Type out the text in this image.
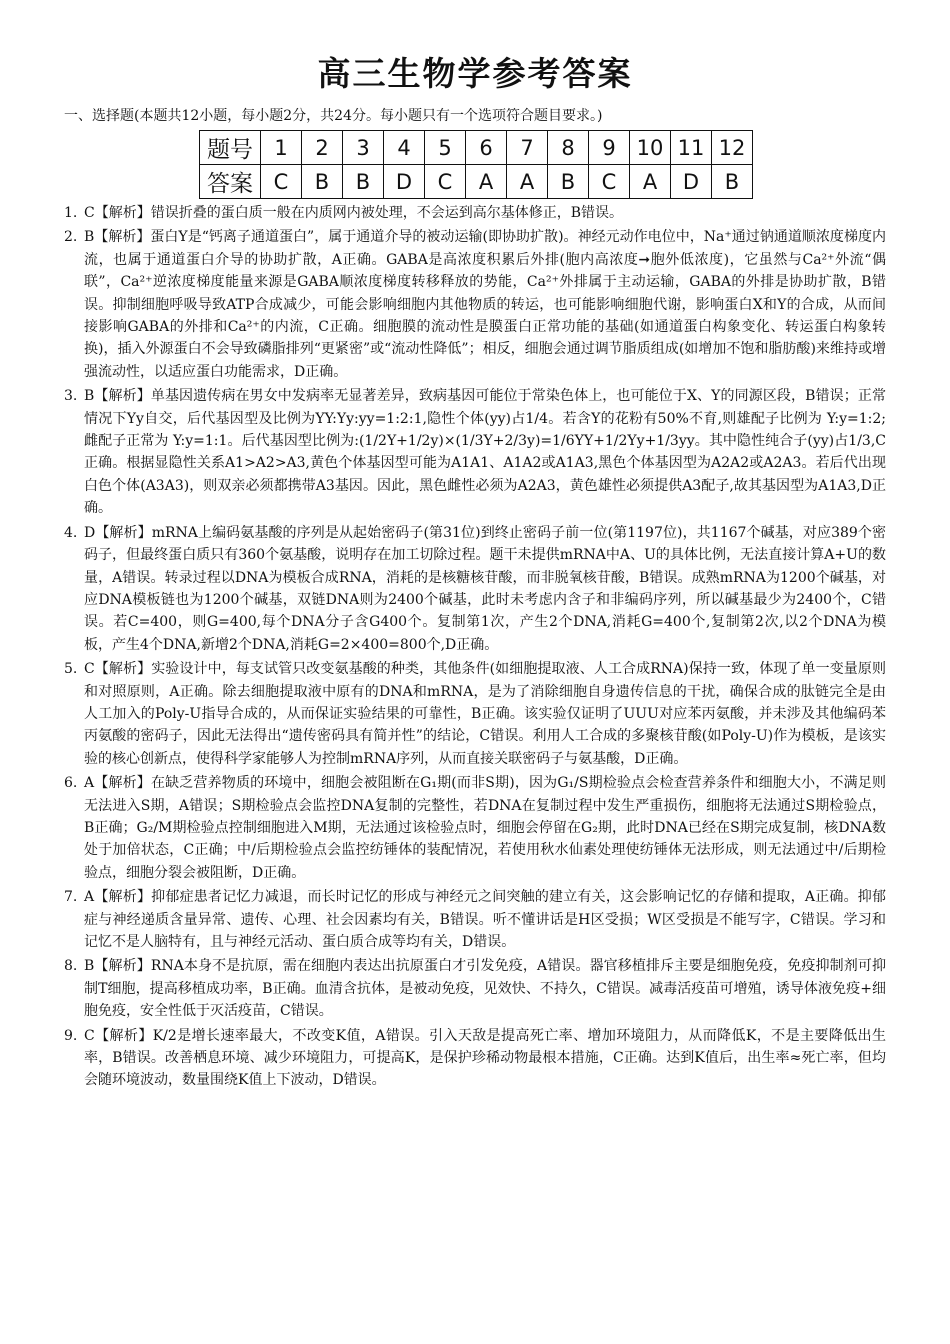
高三生物学参考答案
一、选择题(本题共12小题，每小题2分，共24分。每小题只有一个选项符合题目要求。)
题号	1	2	3	4	5	6	7	8	9	10	11	12
答案	C	B	B	D	C	A	A	B	C	A	D	B
1. C【解析】错误折叠的蛋白质一般在内质网内被处理，不会运到高尔基体修正，B错误。
2. B【解析】蛋白Y是“钙离子通道蛋白”，属于通道介导的被动运输(即协助扩散)。神经元动作电位中，Na⁺通过钠通道顺浓度梯度内流，也属于通道蛋白介导的协助扩散，A正确。GABA是高浓度积累后外排(胞内高浓度➞胞外低浓度)，它虽然与Ca²⁺外流“偶联”，Ca²⁺逆浓度梯度能量来源是GABA顺浓度梯度转移释放的势能，Ca²⁺外排属于主动运输，GABA的外排是协助扩散，B错误。抑制细胞呼吸导致ATP合成减少，可能会影响细胞内其他物质的转运，也可能影响细胞代谢，影响蛋白X和Y的合成，从而间接影响GABA的外排和Ca²⁺的内流，C正确。细胞膜的流动性是膜蛋白正常功能的基础(如通道蛋白构象变化、转运蛋白构象转换)，插入外源蛋白不会导致磷脂排列“更紧密”或“流动性降低”；相反，细胞会通过调节脂质组成(如增加不饱和脂肪酸)来维持或增强流动性，以适应蛋白功能需求，D正确。
3. B【解析】单基因遗传病在男女中发病率无显著差异，致病基因可能位于常染色体上，也可能位于X、Y的同源区段，B错误；正常情况下Yy自交，后代基因型及比例为YY:Yy:yy=1:2:1,隐性个体(yy)占1/4。若含Y的花粉有50%不育,则雄配子比例为 Y:y=1:2;雌配子正常为 Y:y=1:1。后代基因型比例为:(1/2Y+1/2y)×(1/3Y+2/3y)=1/6YY+1/2Yy+1/3yy。其中隐性纯合子(yy)占1/3,C正确。根据显隐性关系A1>A2>A3,黄色个体基因型可能为A1A1、A1A2或A1A3,黑色个体基因型为A2A2或A2A3。若后代出现白色个体(A3A3)，则双亲必须都携带A3基因。因此，黑色雌性必须为A2A3，黄色雄性必须提供A3配子,故其基因型为A1A3,D正确。
4. D【解析】mRNA上编码氨基酸的序列是从起始密码子(第31位)到终止密码子前一位(第1197位)，共1167个碱基，对应389个密码子，但最终蛋白质只有360个氨基酸，说明存在加工切除过程。题干未提供mRNA中A、U的具体比例，无法直接计算A+U的数量，A错误。转录过程以DNA为模板合成RNA，消耗的是核糖核苷酸，而非脱氧核苷酸，B错误。成熟mRNA为1200个碱基，对应DNA模板链也为1200个碱基，双链DNA则为2400个碱基，此时未考虑内含子和非编码序列，所以碱基最少为2400个，C错误。若C=400，则G=400,每个DNA分子含G400个。复制第1次，产生2个DNA,消耗G=400个,复制第2次,以2个DNA为模板，产生4个DNA,新增2个DNA,消耗G=2×400=800个,D正确。
5. C【解析】实验设计中，每支试管只改变氨基酸的种类，其他条件(如细胞提取液、人工合成RNA)保持一致，体现了单一变量原则和对照原则，A正确。除去细胞提取液中原有的DNA和mRNA，是为了消除细胞自身遗传信息的干扰，确保合成的肽链完全是由人工加入的Poly-U指导合成的，从而保证实验结果的可靠性，B正确。该实验仅证明了UUU对应苯丙氨酸，并未涉及其他编码苯丙氨酸的密码子，因此无法得出“遗传密码具有简并性”的结论，C错误。利用人工合成的多聚核苷酸(如Poly-U)作为模板，是该实验的核心创新点，使得科学家能够人为控制mRNA序列，从而直接关联密码子与氨基酸，D正确。
6. A【解析】在缺乏营养物质的环境中，细胞会被阻断在G₁期(而非S期)，因为G₁/S期检验点会检查营养条件和细胞大小，不满足则无法进入S期，A错误；S期检验点会监控DNA复制的完整性，若DNA在复制过程中发生严重损伤，细胞将无法通过S期检验点，B正确；G₂/M期检验点控制细胞进入M期，无法通过该检验点时，细胞会停留在G₂期，此时DNA已经在S期完成复制，核DNA数处于加倍状态，C正确；中/后期检验点会监控纺锤体的装配情况，若使用秋水仙素处理使纺锤体无法形成，则无法通过中/后期检验点，细胞分裂会被阻断，D正确。
7. A【解析】抑郁症患者记忆力减退，而长时记忆的形成与神经元之间突触的建立有关，这会影响记忆的存储和提取，A正确。抑郁症与神经递质含量异常、遗传、心理、社会因素均有关，B错误。听不懂讲话是H区受损；W区受损是不能写字，C错误。学习和记忆不是人脑特有，且与神经元活动、蛋白质合成等均有关，D错误。
8. B【解析】RNA本身不是抗原，需在细胞内表达出抗原蛋白才引发免疫，A错误。器官移植排斥主要是细胞免疫，免疫抑制剂可抑制T细胞，提高移植成功率，B正确。血清含抗体，是被动免疫，见效快、不持久，C错误。减毒活疫苗可增殖，诱导体液免疫+细胞免疫，安全性低于灭活疫苗，C错误。
9. C【解析】K/2是增长速率最大，不改变K值，A错误。引入天敌是提高死亡率、增加环境阻力，从而降低K，不是主要降低出生率，B错误。改善栖息环境、减少环境阻力，可提高K，是保护珍稀动物最根本措施，C正确。达到K值后，出生率≈死亡率，但均会随环境波动，数量围绕K值上下波动，D错误。
